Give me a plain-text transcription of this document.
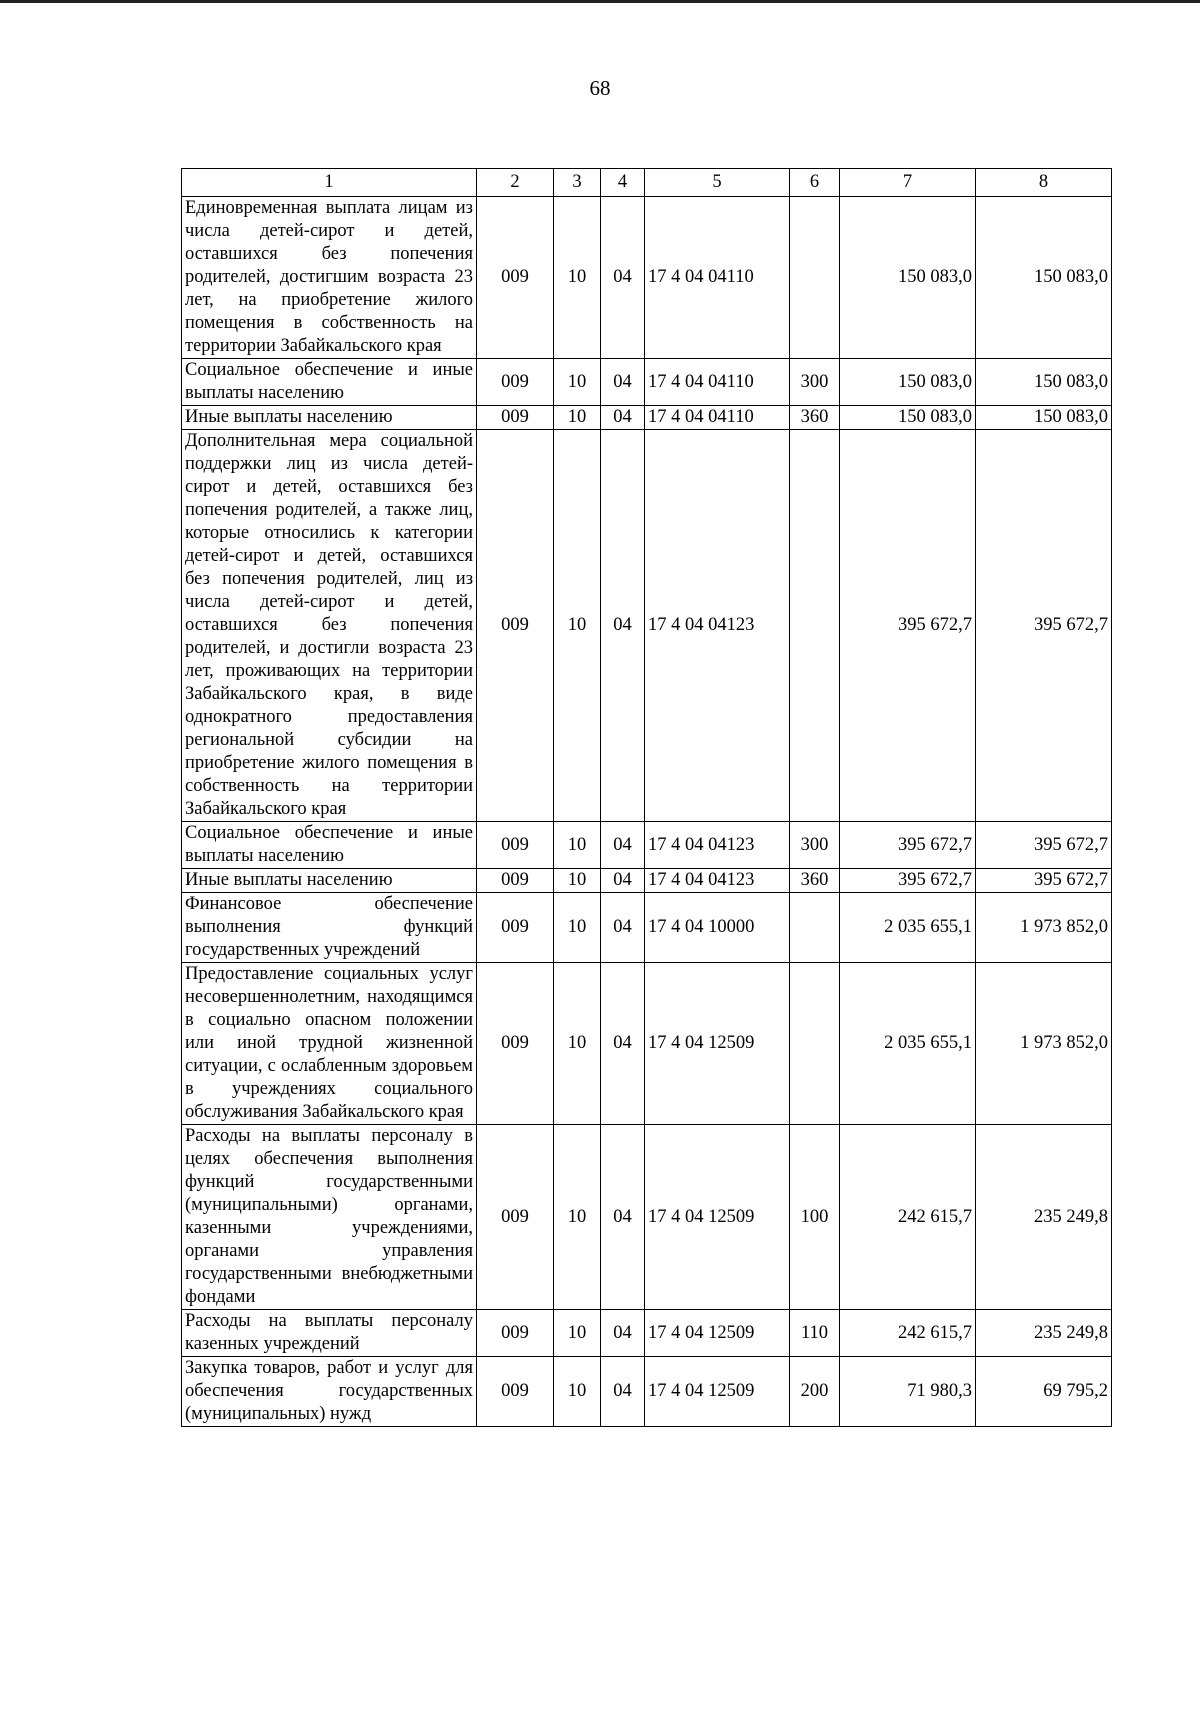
68
1	2	3	4	5	6	7	8
Единовременная выплата лицам из числа детей-сирот и детей, оставшихся без попечения родителей, достигшим возраста 23 лет, на приобретение жилого помещения в собственность на территории Забайкальского края	009	10	04	17 4 04 04110		150 083,0	150 083,0
Социальное обеспечение и иные выплаты населению	009	10	04	17 4 04 04110	300	150 083,0	150 083,0
Иные выплаты населению	009	10	04	17 4 04 04110	360	150 083,0	150 083,0
Дополнительная мера социальной поддержки лиц из числа детей-сирот и детей, оставшихся без попечения родителей, а также лиц, которые относились к категории детей-сирот и детей, оставшихся без попечения родителей, лиц из числа детей-сирот и детей, оставшихся без попечения родителей, и достигли возраста 23 лет, проживающих на территории Забайкальского края, в виде однократного предоставления региональной субсидии на приобретение жилого помещения в собственность на территории Забайкальского края	009	10	04	17 4 04 04123		395 672,7	395 672,7
Социальное обеспечение и иные выплаты населению	009	10	04	17 4 04 04123	300	395 672,7	395 672,7
Иные выплаты населению	009	10	04	17 4 04 04123	360	395 672,7	395 672,7
Финансовое обеспечение выполнения функций государственных учреждений	009	10	04	17 4 04 10000		2 035 655,1	1 973 852,0
Предоставление социальных услуг несовершеннолетним, находящимся в социально опасном положении или иной трудной жизненной ситуации, с ослабленным здоровьем в учреждениях социального обслуживания Забайкальского края	009	10	04	17 4 04 12509		2 035 655,1	1 973 852,0
Расходы на выплаты персоналу в целях обеспечения выполнения функций государственными (муниципальными) органами, казенными учреждениями, органами управления государственными внебюджетными фондами	009	10	04	17 4 04 12509	100	242 615,7	235 249,8
Расходы на выплаты персоналу казенных учреждений	009	10	04	17 4 04 12509	110	242 615,7	235 249,8
Закупка товаров, работ и услуг для обеспечения государственных (муниципальных) нужд	009	10	04	17 4 04 12509	200	71 980,3	69 795,2
